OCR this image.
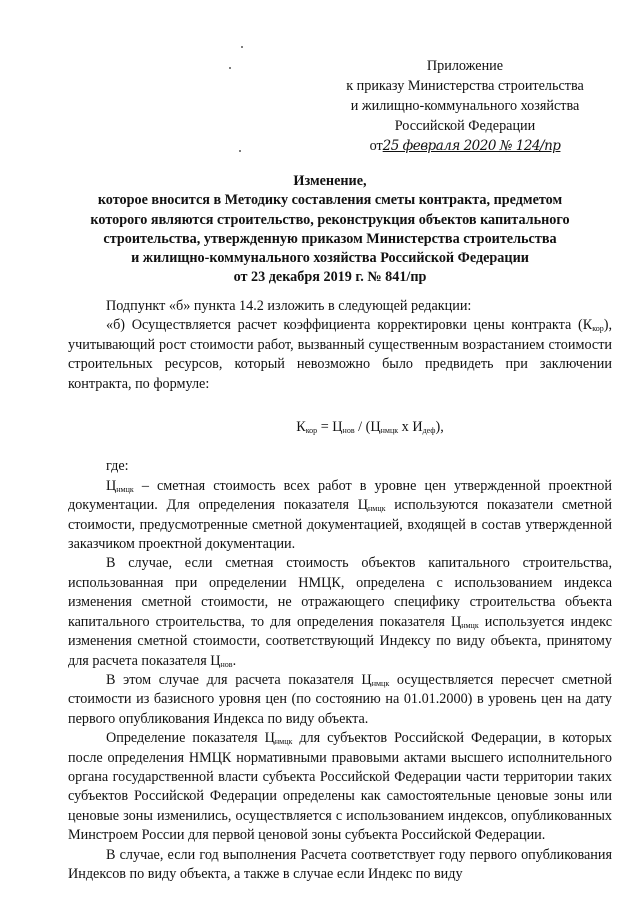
Приложение
к приказу Министерства строительства
и жилищно-коммунального хозяйства
Российской Федерации
от25 февраля 2020 № 124/пр
Изменение,
которое вносится в Методику составления сметы контракта, предметом
которого являются строительство, реконструкция объектов капитального
строительства, утвержденную приказом Министерства строительства
и жилищно-коммунального хозяйства Российской Федерации
от 23 декабря 2019 г. № 841/пр

Подпункт «б» пункта 14.2 изложить в следующей редакции:

«б) Осуществляется расчет коэффициента корректировки цены контракта $(К_{кор})$, учитывающий рост стоимости работ, вызванный существенным возрастанием стоимости строительных ресурсов, который невозможно было предвидеть при заключении контракта, по формуле:

$К_{кор} = Ц_{нов} / (Ц_{нмцк}$ х $И_{деф}$),

где:

$Ц_{нмцк}$ – сметная стоимость всех работ в уровне цен утвержденной проектной документации. Для определения показателя $Ц_{нмцк}$ используются показатели сметной стоимости, предусмотренные сметной документацией, входящей в состав утвержденной заказчиком проектной документации.

В случае, если сметная стоимость объектов капитального строительства, использованная при определении НМЦК, определена с использованием индекса изменения сметной стоимости, не отражающего специфику строительства объекта капитального строительства, то для определения показателя $Ц_{нмцк}$ используется индекс изменения сметной стоимости, соответствующий Индексу по виду объекта, принятому для расчета показателя $Ц_{нов}$.

В этом случае для расчета показателя $Ц_{нмцк}$ осуществляется пересчет сметной стоимости из базисного уровня цен (по состоянию на 01.01.2000) в уровень цен на дату первого опубликования Индекса по виду объекта.

Определение показателя $Ц_{нмцк}$ для субъектов Российской Федерации, в которых после определения НМЦК нормативными правовыми актами высшего исполнительного органа государственной власти субъекта Российской Федерации части территории таких субъектов Российской Федерации определены как самостоятельные ценовые зоны или ценовые зоны изменились, осуществляется с использованием индексов, опубликованных Минстроем России для первой ценовой зоны субъекта Российской Федерации.

В случае, если год выполнения Расчета соответствует году первого опубликования Индексов по виду объекта, а также в случае если Индекс по виду
